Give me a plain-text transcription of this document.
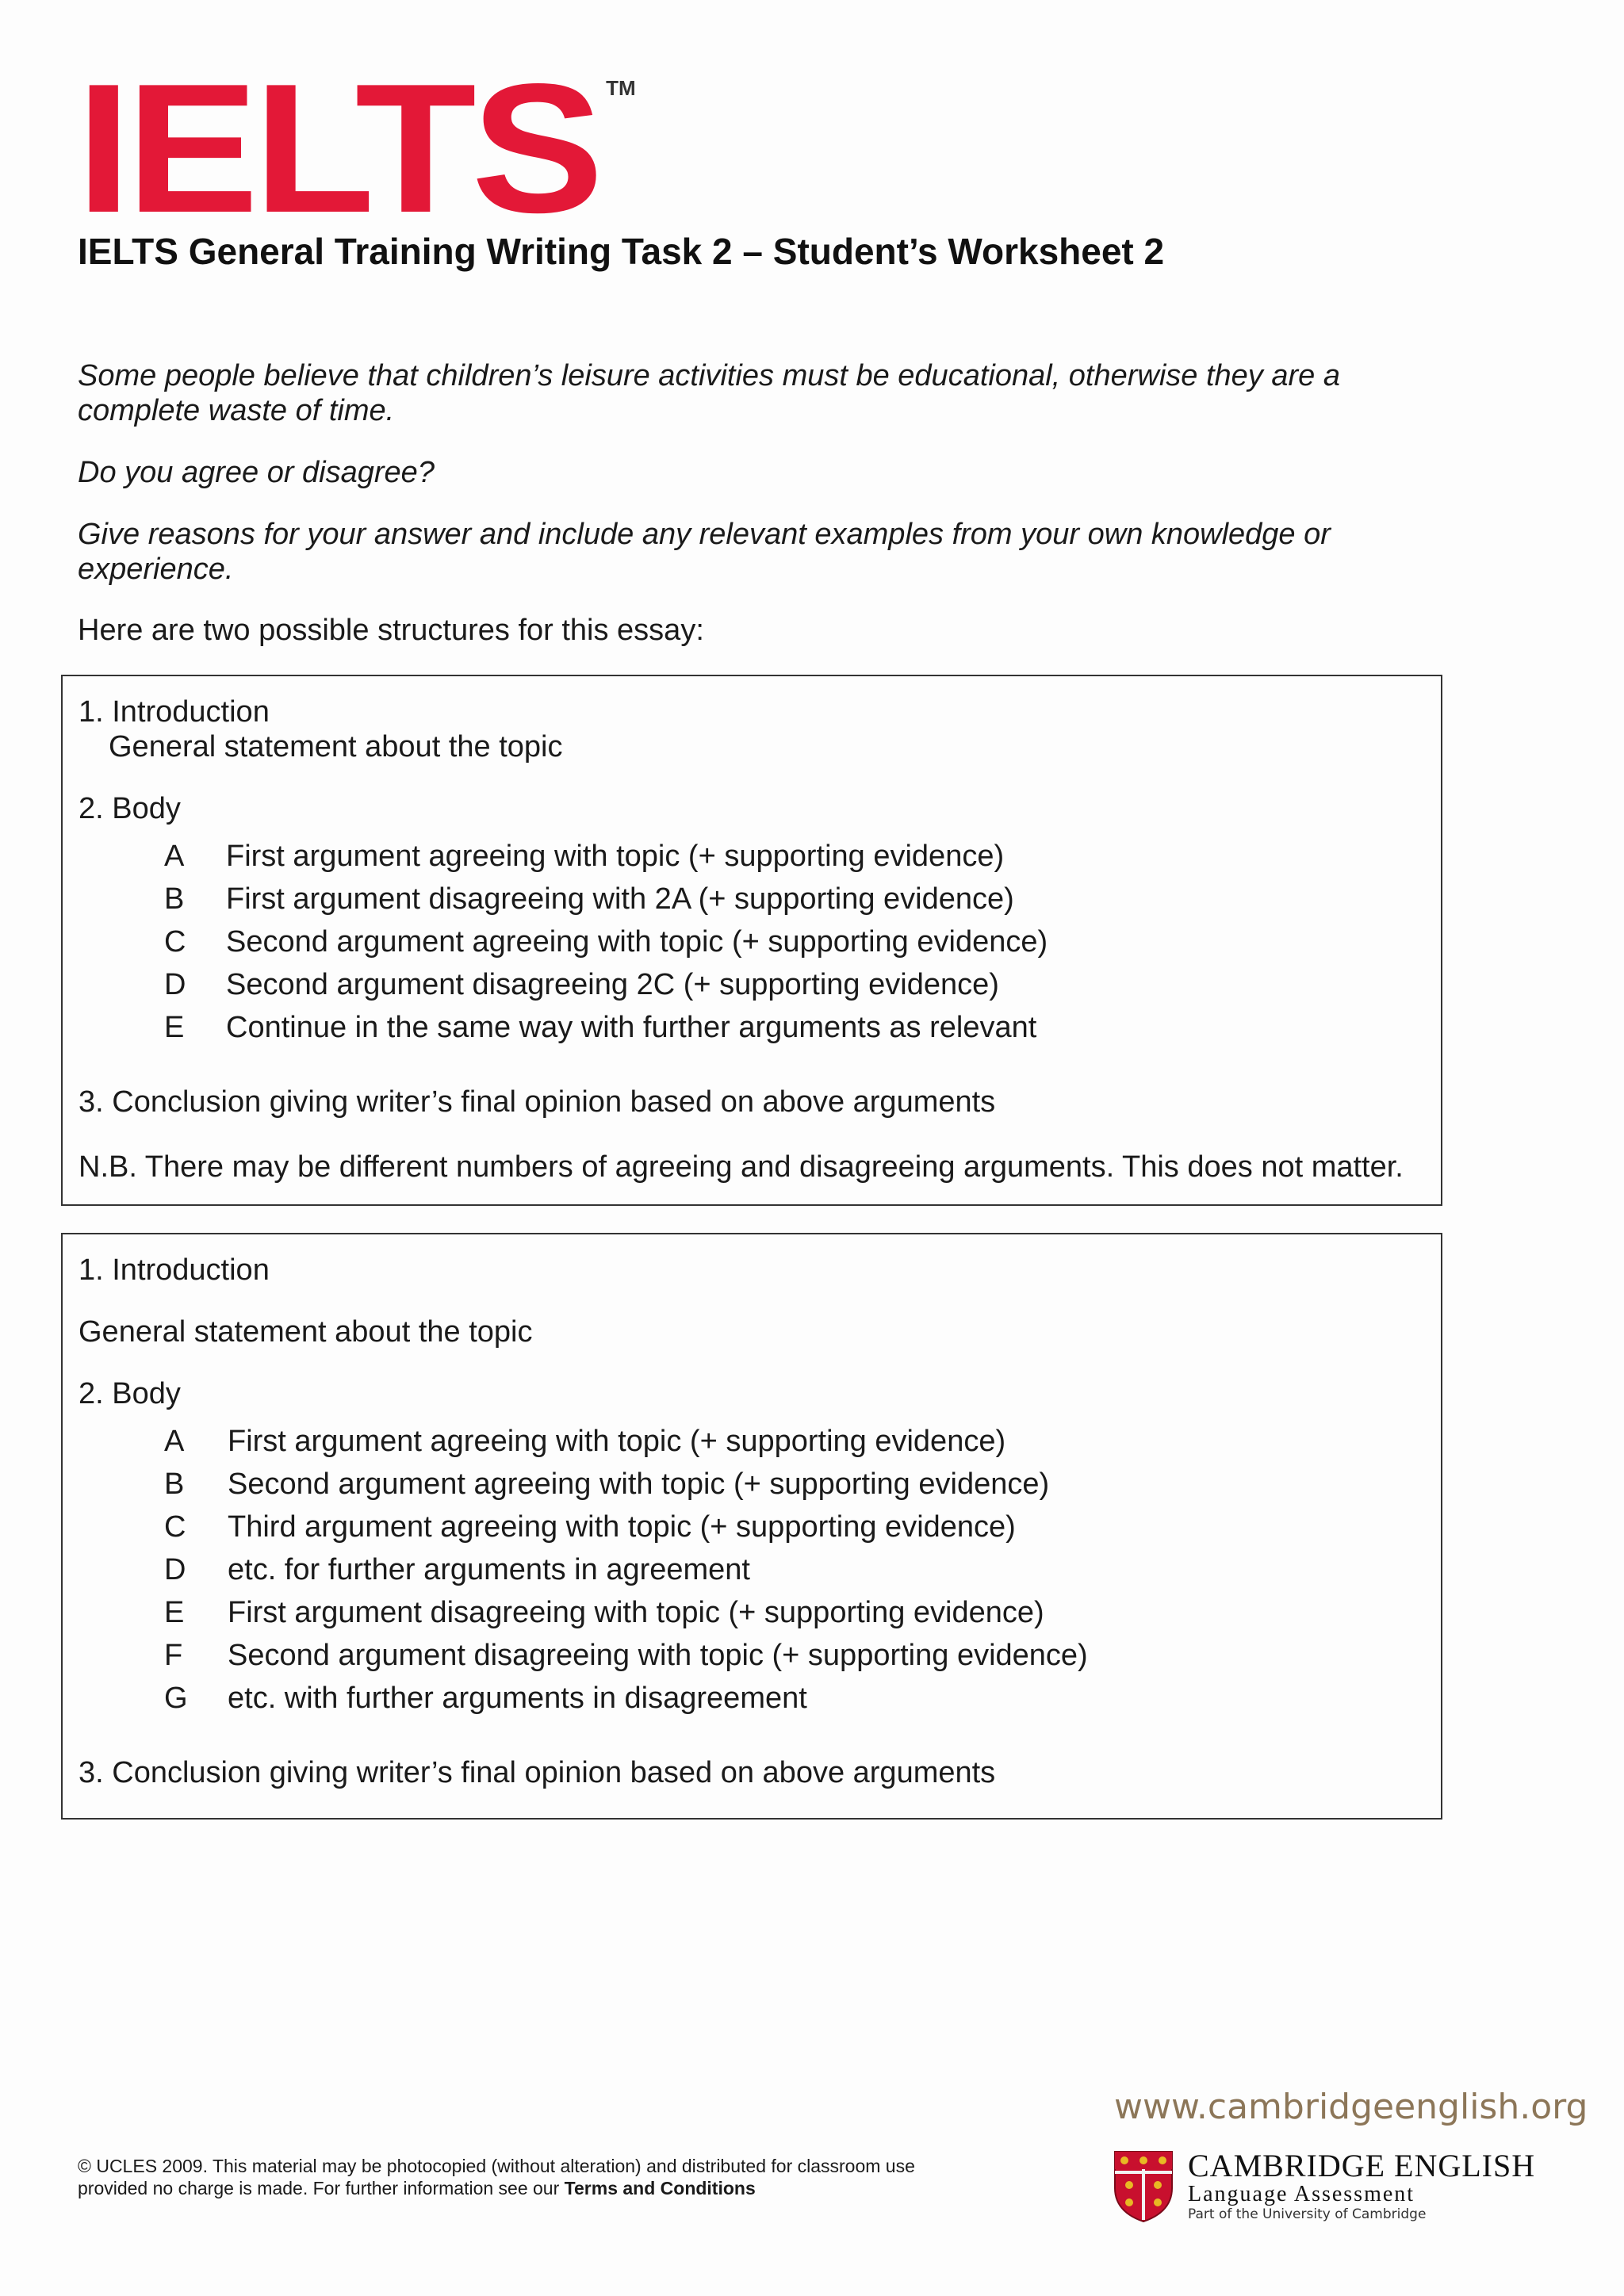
IELTS TM
IELTS General Training Writing Task 2 – Student’s Worksheet 2
Some people believe that children’s leisure activities must be educational, otherwise they are a complete waste of time.
Do you agree or disagree?
Give reasons for your answer and include any relevant examples from your own knowledge or experience.
Here are two possible structures for this essay:
1. Introduction
General statement about the topic
2. Body
A First argument agreeing with topic (+ supporting evidence)
B First argument disagreeing with 2A (+ supporting evidence)
C Second argument agreeing with topic (+ supporting evidence)
D Second argument disagreeing 2C (+ supporting evidence)
E Continue in the same way with further arguments as relevant
3. Conclusion giving writer’s final opinion based on above arguments
N.B. There may be different numbers of agreeing and disagreeing arguments. This does not matter.
1. Introduction
General statement about the topic
2. Body
A First argument agreeing with topic (+ supporting evidence)
B Second argument agreeing with topic (+ supporting evidence)
C Third argument agreeing with topic (+ supporting evidence)
D etc. for further arguments in agreement
E First argument disagreeing with topic (+ supporting evidence)
F Second argument disagreeing with topic (+ supporting evidence)
G etc. with further arguments in disagreement
3. Conclusion giving writer’s final opinion based on above arguments
© UCLES 2009. This material may be photocopied (without alteration) and distributed for classroom use provided no charge is made. For further information see our Terms and Conditions
www.cambridgeenglish.org
CAMBRIDGE ENGLISH
Language Assessment
Part of the University of Cambridge
